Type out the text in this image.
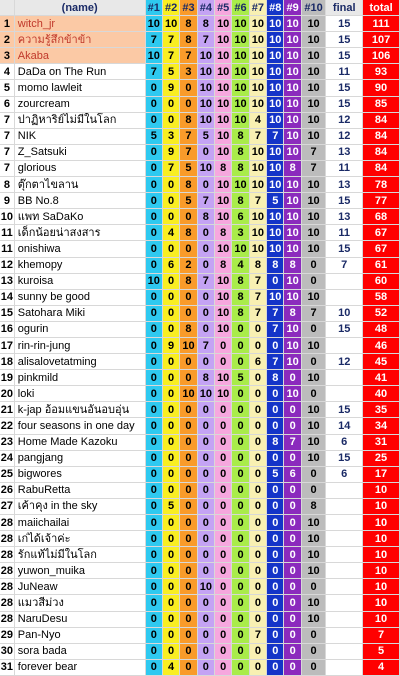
	(name)	#1	#2	#3	#4	#5	#6	#7	#8	#9	#10	final	total
1	witch_jr	10	10	8	8	10	10	10	10	10	10	15	111
2	ความรู้สึกข้าข้า	7	7	8	7	10	10	10	10	10	10	15	107
3	Akaba	10	7	7	10	10	10	10	10	10	10	15	106
4	DaDa on The Run	7	5	3	10	10	10	10	10	10	10	11	93
5	momo lawleit	0	9	0	10	10	10	10	10	10	10	15	90
6	zourcream	0	0	0	10	10	10	10	10	10	10	15	85
7	ปาฏิหาริย์ไม่มีในโลก	0	0	8	10	10	10	4	10	10	10	12	84
7	NIK	5	3	7	5	10	8	7	7	10	10	12	84
7	Z_Satsuki	0	9	7	0	10	8	10	10	10	7	13	84
7	glorious	0	7	5	10	8	8	10	10	8	7	11	84
8	ตุ๊กตาไขลาน	0	0	8	0	10	10	10	10	10	10	13	78
9	BB No.8	0	0	5	7	10	8	7	5	10	10	15	77
10	แพท SaDaKo	0	0	0	8	10	6	10	10	10	10	13	68
11	เด็กน้อยน่าสงสาร	0	4	8	0	8	3	10	10	10	10	11	67
11	onishiwa	0	0	0	0	10	10	10	10	10	10	15	67
12	khemopy	0	6	2	0	8	4	8	8	8	0	7	61
13	kuroisa	10	0	8	7	10	8	7	0	10	0		60
14	sunny be good	0	0	0	0	10	8	7	10	10	10		58
15	Satohara Miki	0	0	0	0	10	8	7	7	8	7	10	52
16	ogurin	0	0	8	0	10	0	0	7	10	0	15	48
17	rin-rin-jung	0	9	10	7	0	0	0	0	10	10		46
18	alisalovetatming	0	0	0	0	0	0	6	7	10	0	12	45
19	pinkmild	0	0	0	8	10	5	0	8	0	10		41
20	loki	0	0	10	10	10	0	0	0	10	0		40
21	k-jap อ้อมแขนอันอบอุ่น	0	0	0	0	0	0	0	0	0	10	15	35
22	four seasons in one day	0	0	0	0	0	0	0	0	0	10	14	34
23	Home Made Kazoku	0	0	0	0	0	0	0	8	7	10	6	31
24	pangjang	0	0	0	0	0	0	0	0	0	10	15	25
25	bigwores	0	0	0	0	0	0	0	5	6	0	6	17
26	RabuRetta	0	0	0	0	0	0	0	0	0	0		10
27	เค้าคุง in the sky	0	5	0	0	0	0	0	0	0	8		10
28	maiichailai	0	0	0	0	0	0	0	0	0	10		10
28	เก่ได้เจ้าค่ะ	0	0	0	0	0	0	0	0	0	10		10
28	รักแท้ไม่มีในโลก	0	0	0	0	0	0	0	0	0	10		10
28	yuwon_muika	0	0	0	0	0	0	0	0	0	10		10
28	JuNeaw	0	0	0	10	0	0	0	0	0	0		10
28	แมวสีม่วง	0	0	0	0	0	0	0	0	0	10		10
28	NaruDesu	0	0	0	0	0	0	0	0	0	10		10
29	Pan-Nyo	0	0	0	0	0	0	7	0	0	0		7
30	sora bada	0	0	0	0	0	0	0	0	0	0		5
31	forever bear	0	4	0	0	0	0	0	0	0	0		4
